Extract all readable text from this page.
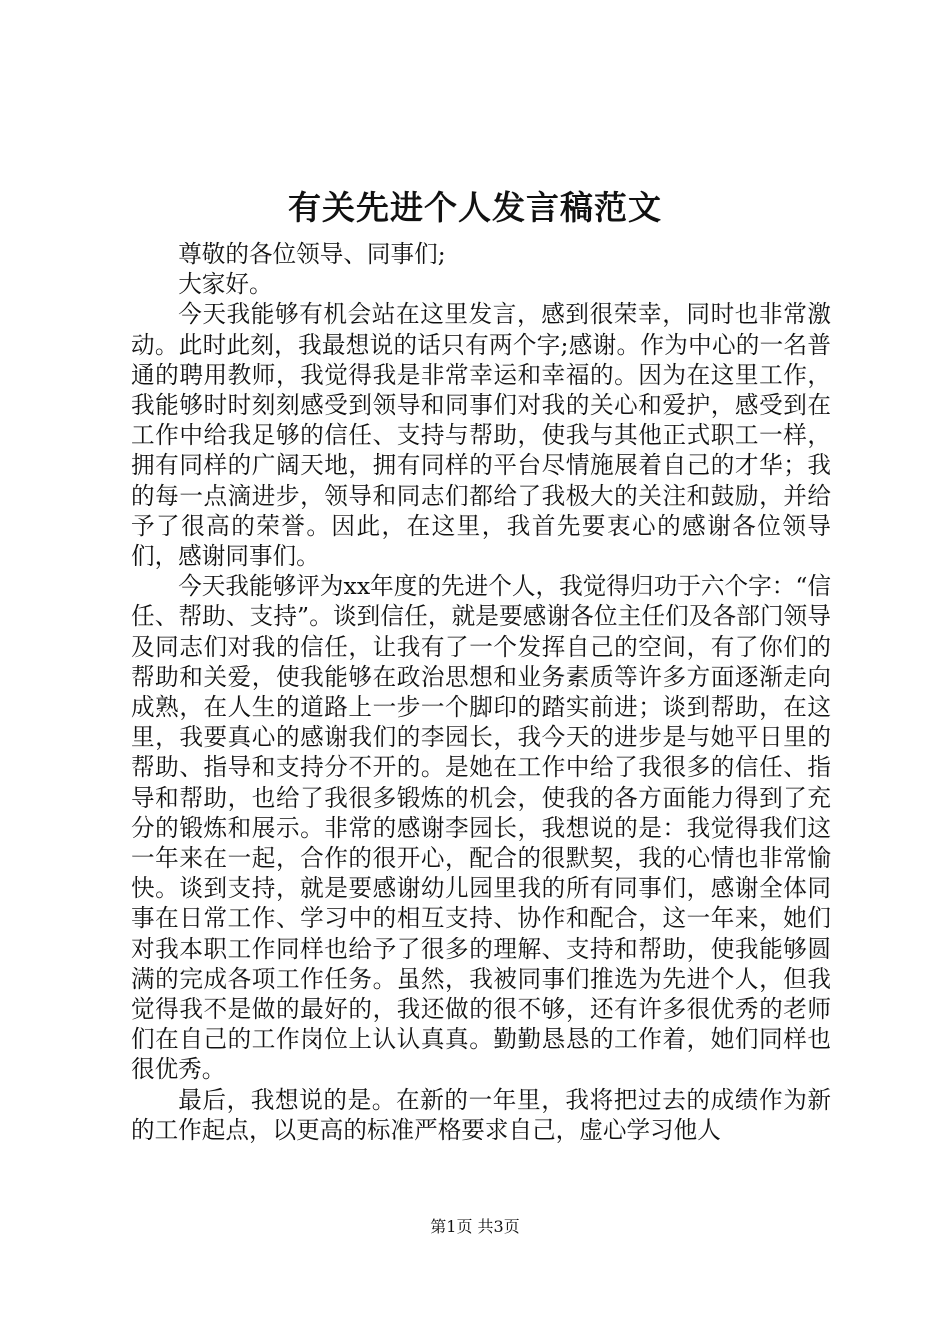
有关先进个人发言稿范文

尊敬的各位领导、同事们;

大家好。

今天我能够有机会站在这里发言，感到很荣幸，同时也非常激动。此时此刻，我最想说的话只有两个字;感谢。作为中心的一名普通的聘用教师，我觉得我是非常幸运和幸福的。因为在这里工作，我能够时时刻刻感受到领导和同事们对我的关心和爱护，感受到在工作中给我足够的信任、支持与帮助，使我与其他正式职工一样，拥有同样的广阔天地，拥有同样的平台尽情施展着自己的才华；我的每一点滴进步，领导和同志们都给了我极大的关注和鼓励，并给予了很高的荣誉。因此，在这里，我首先要衷心的感谢各位领导们，感谢同事们。

今天我能够评为xx年度的先进个人，我觉得归功于六个字：“信任、帮助、支持”。谈到信任，就是要感谢各位主任们及各部门领导及同志们对我的信任，让我有了一个发挥自己的空间，有了你们的帮助和关爱，使我能够在政治思想和业务素质等许多方面逐渐走向成熟，在人生的道路上一步一个脚印的踏实前进；谈到帮助，在这里，我要真心的感谢我们的李园长，我今天的进步是与她平日里的帮助、指导和支持分不开的。是她在工作中给了我很多的信任、指导和帮助，也给了我很多锻炼的机会，使我的各方面能力得到了充分的锻炼和展示。非常的感谢李园长，我想说的是：我觉得我们这一年来在一起，合作的很开心，配合的很默契，我的心情也非常愉快。谈到支持，就是要感谢幼儿园里我的所有同事们，感谢全体同事在日常工作、学习中的相互支持、协作和配合，这一年来，她们对我本职工作同样也给予了很多的理解、支持和帮助，使我能够圆满的完成各项工作任务。虽然，我被同事们推选为先进个人，但我觉得我不是做的最好的，我还做的很不够，还有许多很优秀的老师们在自己的工作岗位上认认真真。勤勤恳恳的工作着，她们同样也很优秀。

最后，我想说的是。在新的一年里，我将把过去的成绩作为新的工作起点，以更高的标准严格要求自己，虚心学习他人

第1页 共3页
